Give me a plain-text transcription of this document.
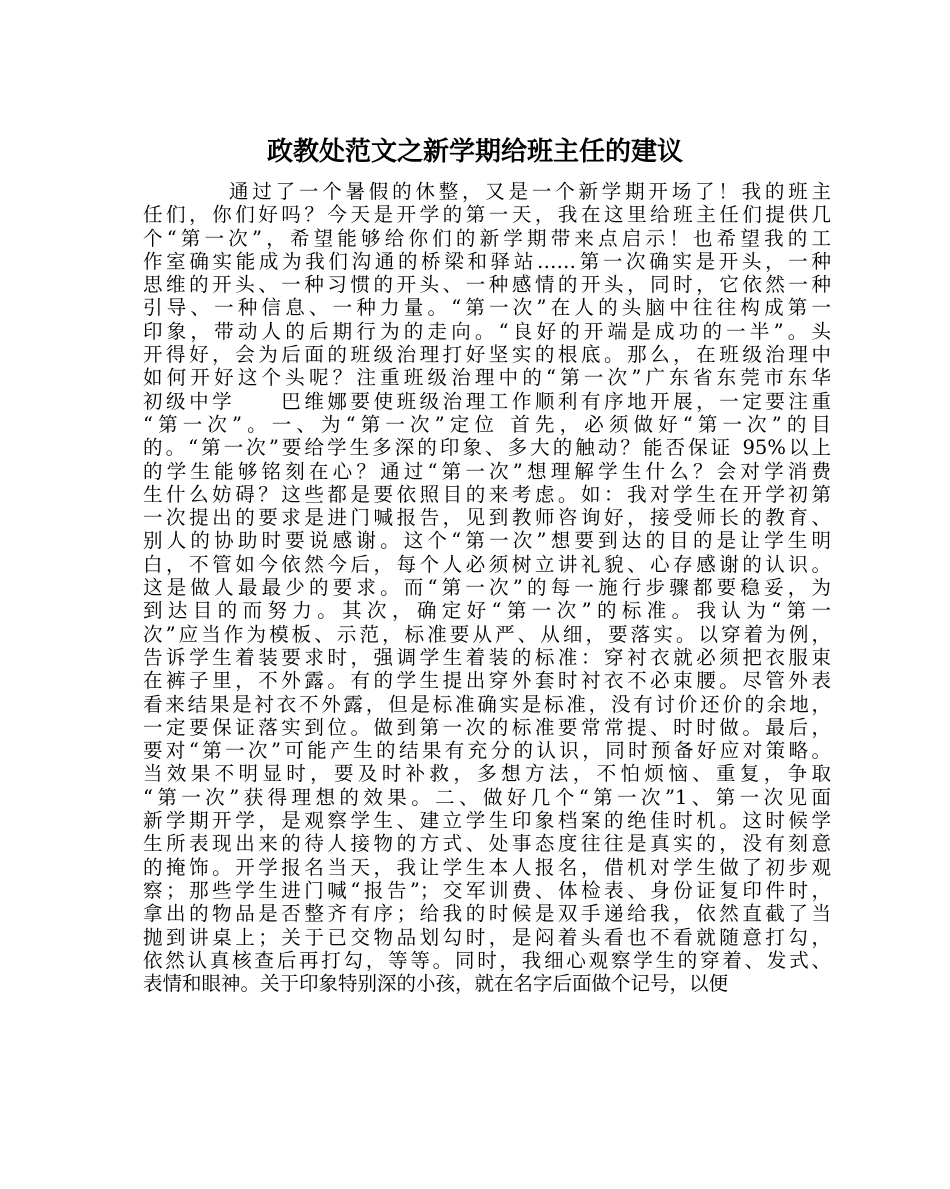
政教处范文之新学期给班主任的建议
通过了一个暑假的休整，又是一个新学期开场了！我的班主
任们，你们好吗？今天是开学的第一天，我在这里给班主任们提供几
个“第一次”，希望能够给你们的新学期带来点启示！也希望我的工
作室确实能成为我们沟通的桥梁和驿站……第一次确实是开头，一种
思维的开头、一种习惯的开头、一种感情的开头，同时，它依然一种
引导、一种信息、一种力量。“第一次”在人的头脑中往往构成第一
印象，带动人的后期行为的走向。“良好的开端是成功的一半”。头
开得好，会为后面的班级治理打好坚实的根底。那么，在班级治理中
如何开好这个头呢？注重班级治理中的“第一次”广东省东莞市东华
初级中学　　巴维娜要使班级治理工作顺利有序地开展，一定要注重
“第一次”。一、为“第一次”定位 首先，必须做好“第一次”的目
的。“第一次”要给学生多深的印象、多大的触动？能否保证 95%以上
的学生能够铭刻在心？通过“第一次”想理解学生什么？会对学消费
生什么妨碍？这些都是要依照目的来考虑。如：我对学生在开学初第
一次提出的要求是进门喊报告，见到教师咨询好，接受师长的教育、
别人的协助时要说感谢。这个“第一次”想要到达的目的是让学生明
白，不管如今依然今后，每个人必须树立讲礼貌、心存感谢的认识。
这是做人最最少的要求。而“第一次”的每一施行步骤都要稳妥，为
到达目的而努力。其次，确定好“第一次”的标准。我认为“第一
次”应当作为模板、示范，标准要从严、从细，要落实。以穿着为例，
告诉学生着装要求时，强调学生着装的标准：穿衬衣就必须把衣服束
在裤子里，不外露。有的学生提出穿外套时衬衣不必束腰。尽管外表
看来结果是衬衣不外露，但是标准确实是标准，没有讨价还价的余地，
一定要保证落实到位。做到第一次的标准要常常提、时时做。最后，
要对“第一次”可能产生的结果有充分的认识，同时预备好应对策略。
当效果不明显时，要及时补救，多想方法，不怕烦恼、重复，争取
“第一次”获得理想的效果。二、做好几个“第一次”1、第一次见面
新学期开学，是观察学生、建立学生印象档案的绝佳时机。这时候学
生所表现出来的待人接物的方式、处事态度往往是真实的，没有刻意
的掩饰。开学报名当天，我让学生本人报名，借机对学生做了初步观
察；那些学生进门喊“报告”；交军训费、体检表、身份证复印件时，
拿出的物品是否整齐有序；给我的时候是双手递给我，依然直截了当
抛到讲桌上；关于已交物品划勾时，是闷着头看也不看就随意打勾，
依然认真核查后再打勾，等等。同时，我细心观察学生的穿着、发式、
表情和眼神。关于印象特别深的小孩，就在名字后面做个记号，以便
